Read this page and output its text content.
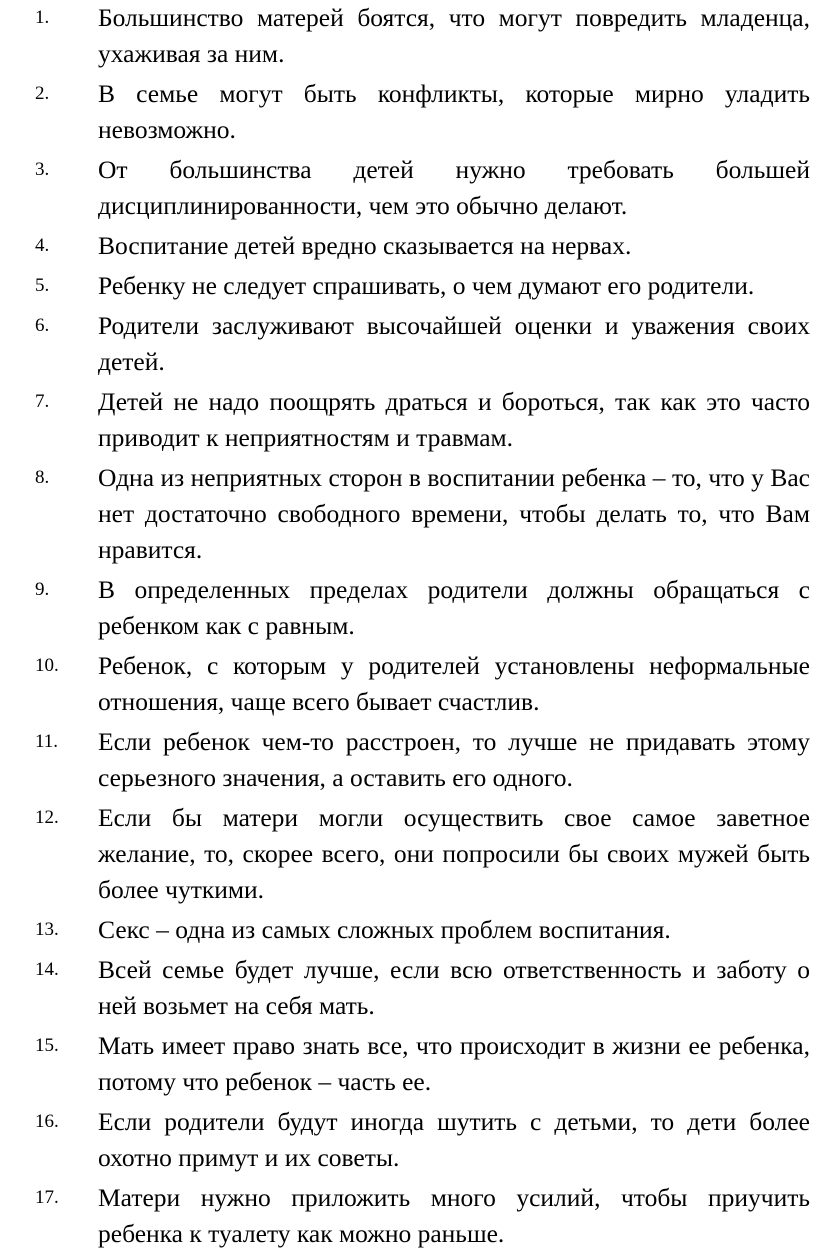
1. Большинство матерей боятся, что могут повредить младенца, ухаживая за ним.
2. В семье могут быть конфликты, которые мирно уладить невозможно.
3. От большинства детей нужно требовать большей дисциплинированности, чем это обычно делают.
4. Воспитание детей вредно сказывается на нервах.
5. Ребенку не следует спрашивать, о чем думают его родители.
6. Родители заслуживают высочайшей оценки и уважения своих детей.
7. Детей не надо поощрять драться и бороться, так как это часто приводит к неприятностям и травмам.
8. Одна из неприятных сторон в воспитании ребенка – то, что у Вас нет достаточно свободного времени, чтобы делать то, что Вам нравится.
9. В определенных пределах родители должны обращаться с ребенком как с равным.
10. Ребенок, с которым у родителей установлены неформальные отношения, чаще всего бывает счастлив.
11. Если ребенок чем-то расстроен, то лучше не придавать этому серьезного значения, а оставить его одного.
12. Если бы матери могли осуществить свое самое заветное желание, то, скорее всего, они попросили бы своих мужей быть более чуткими.
13. Секс – одна из самых сложных проблем воспитания.
14. Всей семье будет лучше, если всю ответственность и заботу о ней возьмет на себя мать.
15. Мать имеет право знать все, что происходит в жизни ее ребенка, потому что ребенок – часть ее.
16. Если родители будут иногда шутить с детьми, то дети более охотно примут и их советы.
17. Матери нужно приложить много усилий, чтобы приучить ребенка к туалету как можно раньше.
